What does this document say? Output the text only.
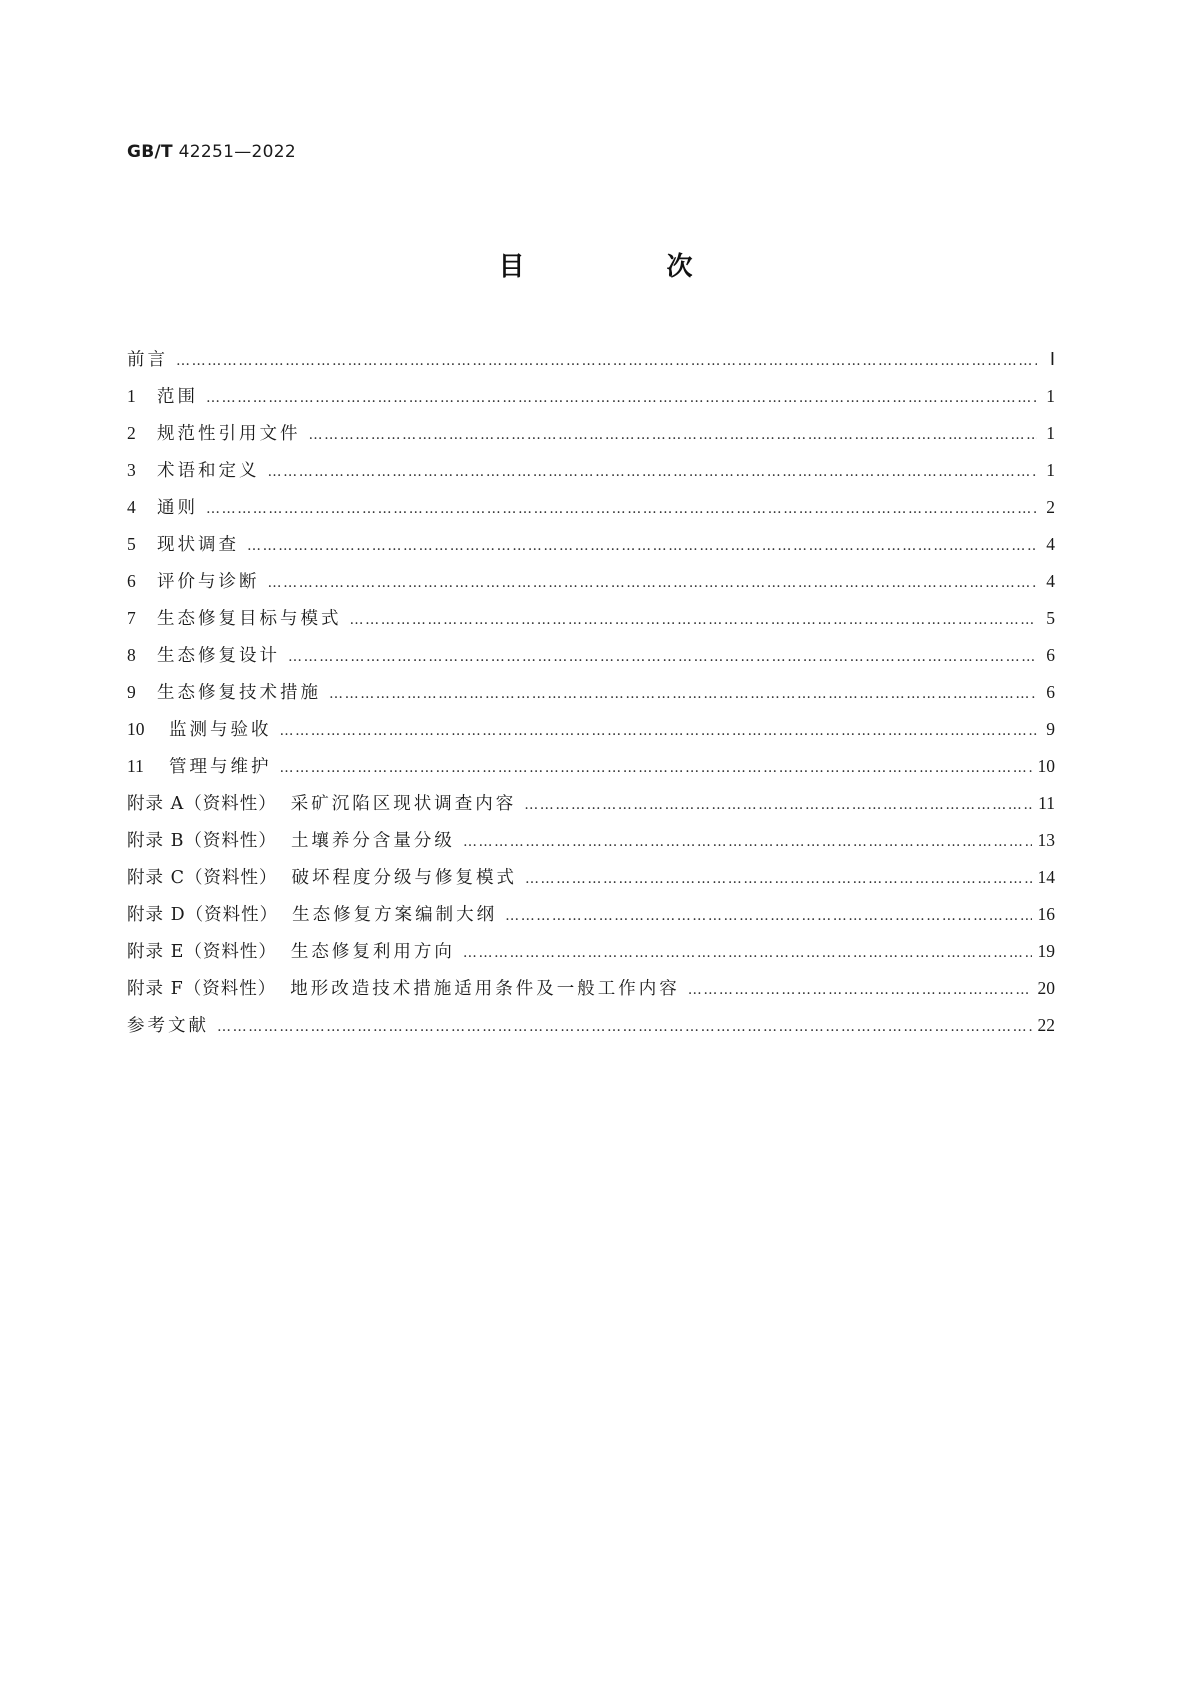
GB/T 42251—2022
目　次
前言 ……………………………………………………………………………………………………………………………………………………………………………………………………………………………………………………………	Ⅰ
1	范围 ……………………………………………………………………………………………………………………………………………………………………………………………………………………………………………………………	1
2	规范性引用文件 ……………………………………………………………………………………………………………………………………………………………………………………………………………………………………………………………	1
3	术语和定义 ……………………………………………………………………………………………………………………………………………………………………………………………………………………………………………………………	1
4	通则 ……………………………………………………………………………………………………………………………………………………………………………………………………………………………………………………………	2
5	现状调查 ……………………………………………………………………………………………………………………………………………………………………………………………………………………………………………………………	4
6	评价与诊断 ……………………………………………………………………………………………………………………………………………………………………………………………………………………………………………………………	4
7	生态修复目标与模式 ……………………………………………………………………………………………………………………………………………………………………………………………………………………………………………………………	5
8	生态修复设计 ……………………………………………………………………………………………………………………………………………………………………………………………………………………………………………………………	6
9	生态修复技术措施 ……………………………………………………………………………………………………………………………………………………………………………………………………………………………………………………………	6
10	监测与验收 ……………………………………………………………………………………………………………………………………………………………………………………………………………………………………………………………	9
11	管理与维护 ……………………………………………………………………………………………………………………………………………………………………………………………………………………………………………………………	10
附录 A（资料性） 采矿沉陷区现状调查内容 ……………………………………………………………………………………………………………………………………………………………………………………………………………………………………………………………	11
附录 B（资料性） 土壤养分含量分级 ……………………………………………………………………………………………………………………………………………………………………………………………………………………………………………………………	13
附录 C（资料性） 破坏程度分级与修复模式 ……………………………………………………………………………………………………………………………………………………………………………………………………………………………………………………………	14
附录 D（资料性） 生态修复方案编制大纲 ……………………………………………………………………………………………………………………………………………………………………………………………………………………………………………………………	16
附录 E（资料性） 生态修复利用方向 ……………………………………………………………………………………………………………………………………………………………………………………………………………………………………………………………	19
附录 F（资料性） 地形改造技术措施适用条件及一般工作内容 ……………………………………………………………………………………………………………………………………………………………………………………………………………………………………………………………	20
参考文献 ……………………………………………………………………………………………………………………………………………………………………………………………………………………………………………………………	22
